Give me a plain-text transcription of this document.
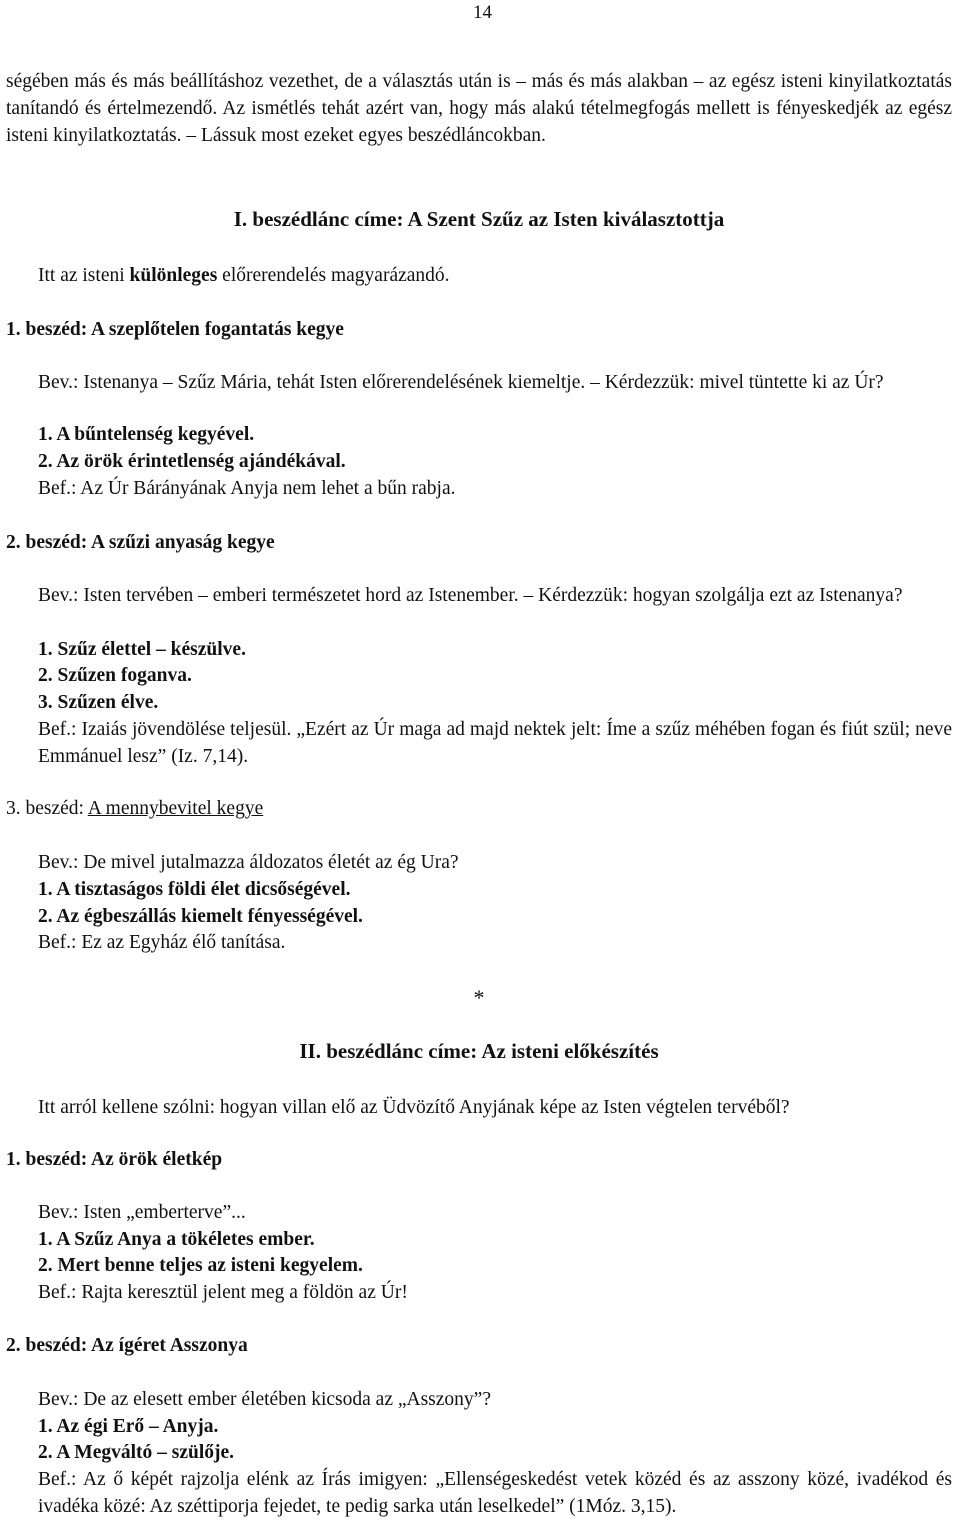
14
ségében más és más beállításhoz vezethet, de a választás után is – más és más alakban – az egész isteni kinyilatkoztatás tanítandó és értelmezendő. Az ismétlés tehát azért van, hogy más alakú tételmegfogás mellett is fényeskedjék az egész isteni kinyilatkoztatás. – Lássuk most ezeket egyes beszédláncokban.
I. beszédlánc címe: A Szent Szűz az Isten kiválasztottja
Itt az isteni különleges előrerendelés magyarázandó.
1. beszéd: A szeplőtelen fogantatás kegye
Bev.: Istenanya – Szűz Mária, tehát Isten előrerendelésének kiemeltje. – Kérdezzük: mivel tüntette ki az Úr?
1. A bűntelenség kegyével.
2. Az örök érintetlenség ajándékával.
Bef.: Az Úr Bárányának Anyja nem lehet a bűn rabja.
2. beszéd: A szűzi anyaság kegye
Bev.: Isten tervében – emberi természetet hord az Istenember. – Kérdezzük: hogyan szolgálja ezt az Istenanya?
1. Szűz élettel – készülve.
2. Szűzen foganva.
3. Szűzen élve.
Bef.: Izaiás jövendölése teljesül. „Ezért az Úr maga ad majd nektek jelt: Íme a szűz méhében fogan és fiút szül; neve Emmánuel lesz” (Iz. 7,14).
3. beszéd: A mennybevitel kegye
Bev.: De mivel jutalmazza áldozatos életét az ég Ura?
1. A tisztaságos földi élet dicsőségével.
2. Az égbeszállás kiemelt fényességével.
Bef.: Ez az Egyház élő tanítása.
*
II. beszédlánc címe: Az isteni előkészítés
Itt arról kellene szólni: hogyan villan elő az Üdvözítő Anyjának képe az Isten végtelen tervéből?
1. beszéd: Az örök életkép
Bev.: Isten „emberterve”...
1. A Szűz Anya a tökéletes ember.
2. Mert benne teljes az isteni kegyelem.
Bef.: Rajta keresztül jelent meg a földön az Úr!
2. beszéd: Az ígéret Asszonya
Bev.: De az elesett ember életében kicsoda az „Asszony”?
1. Az égi Erő – Anyja.
2. A Megváltó – szülője.
Bef.: Az ő képét rajzolja elénk az Írás imigyen: „Ellenségeskedést vetek közéd és az asszony közé, ivadékod és ivadéka közé: Az széttiporja fejedet, te pedig sarka után leselkedel” (1Móz. 3,15).
